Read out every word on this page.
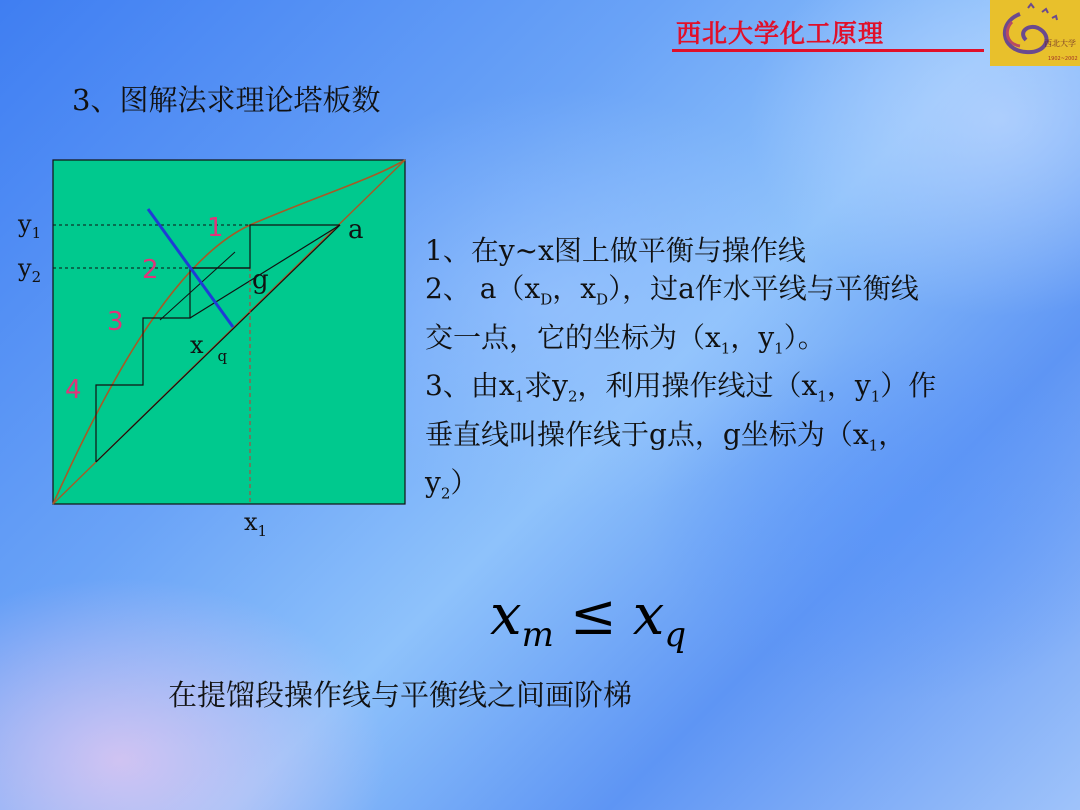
西北大学化工原理	西北大学
1902~2002
3、图解法求理论塔板数
$y_1$
$y_2$
$x_1$
x $_q$
a
g
1
2
3
4

1、在y~x图上做平衡与操作线

2、 $a(x_D$，$x_D$），过a作水平线与平衡线

交一点，它的坐标为（$x_1$，$y_1$）。

3、由$x_1$求$y_2$，利用操作线过（$x_1$，$y_1$）作

垂直线叫操作线于g点，g坐标为（$x_1$，

$y_2$）

$x_m \le x_q$

在提馏段操作线与平衡线之间画阶梯
